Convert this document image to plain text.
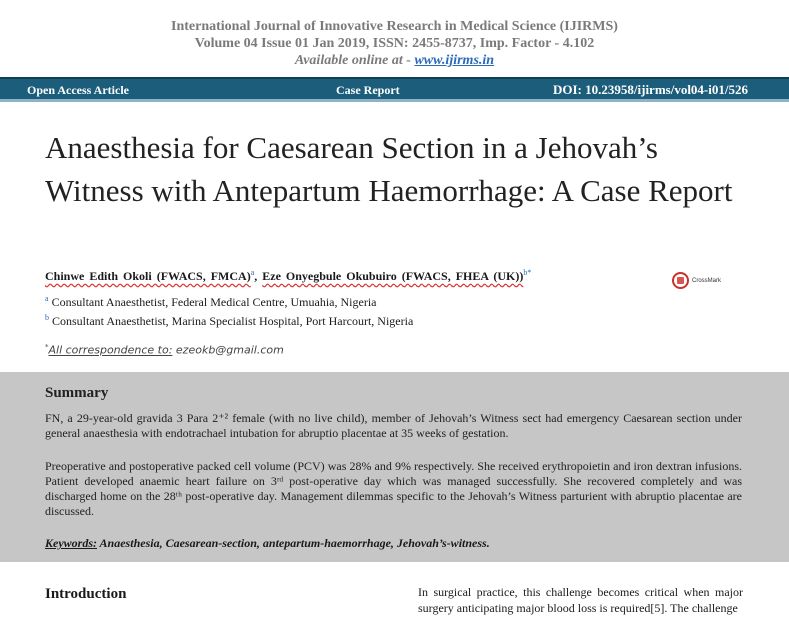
International Journal of Innovative Research in Medical Science (IJIRMS)
Volume 04 Issue 01 Jan 2019, ISSN: 2455-8737, Imp. Factor - 4.102
Available online at - www.ijirms.in
Open Access Article	Case Report	DOI: 10.23958/ijirms/vol04-i01/526
Anaesthesia for Caesarean Section in a Jehovah’s Witness with Antepartum Haemorrhage: A Case Report
Chinwe Edith Okoli (FWACS, FMCA)$^a$, Eze Onyegbule Okubuiro (FWACS, FHEA (UK))$^{b*}$
CrossMark
$^a$ Consultant Anaesthetist, Federal Medical Centre, Umuahia, Nigeria
$^b$ Consultant Anaesthetist, Marina Specialist Hospital, Port Harcourt, Nigeria
*All correspondence to: ezeokb@gmail.com
Summary
FN, a 29-year-old gravida 3 Para 2⁺² female (with no live child), member of Jehovah’s Witness sect had emergency Caesarean section under general anaesthesia with endotrachael intubation for abruptio placentae at 35 weeks of gestation.
Preoperative and postoperative packed cell volume (PCV) was 28% and 9% respectively. She received erythropoietin and iron dextran infusions. Patient developed anaemic heart failure on 3ʳᵈ post-operative day which was managed successfully. She recovered completely and was discharged home on the 28ᵗʰ post-operative day. Management dilemmas specific to the Jehovah’s Witness parturient with abruptio placentae are discussed.
Keywords: Anaesthesia, Caesarean-section, antepartum-haemorrhage, Jehovah’s-witness.
Introduction	In surgical practice, this challenge becomes critical when major surgery anticipating major blood loss is required[5]. The challenge
